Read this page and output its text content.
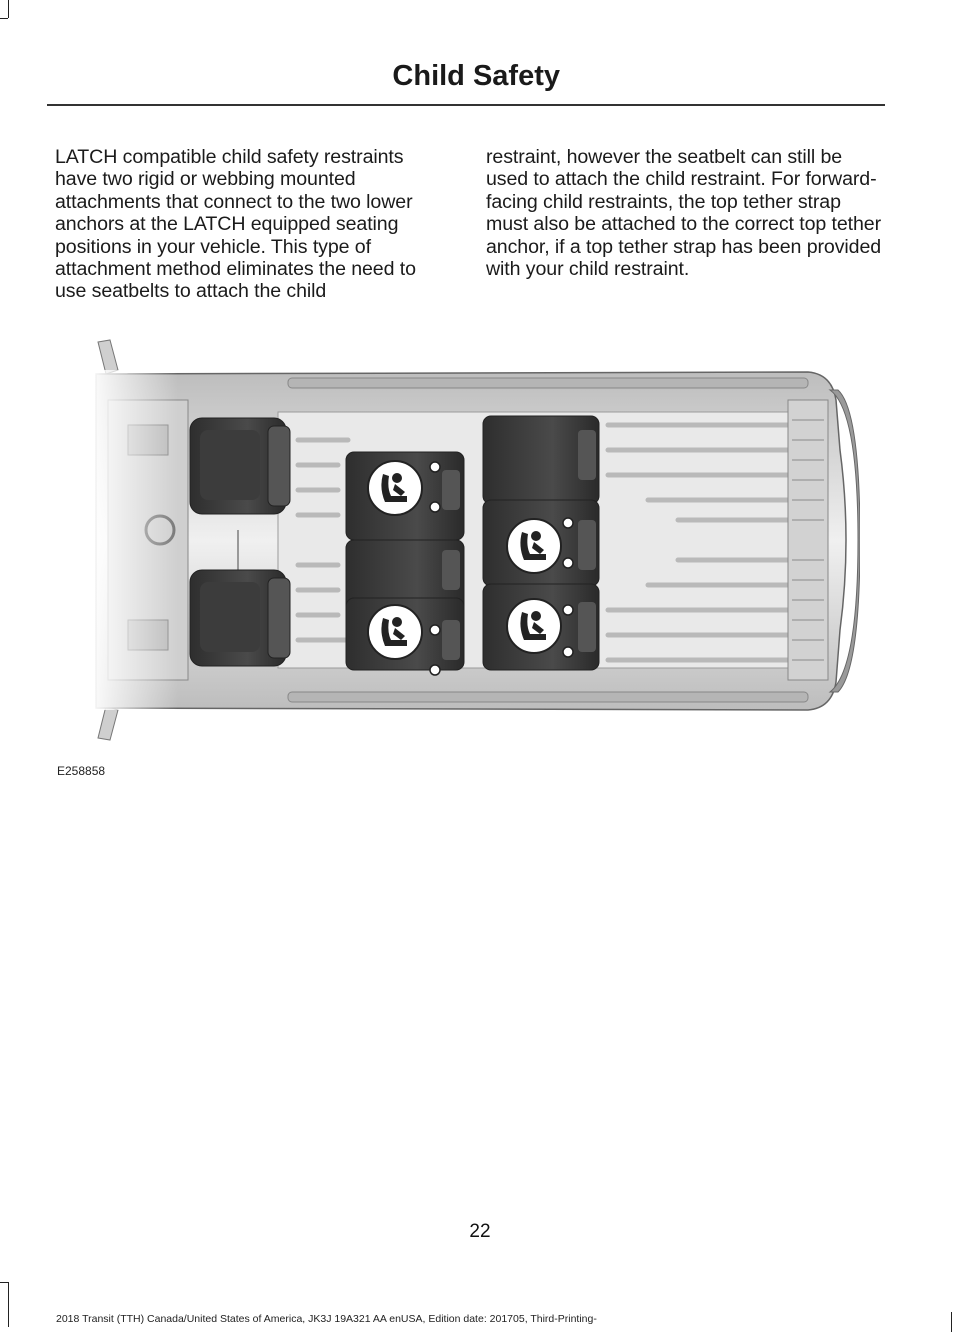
Child Safety

LATCH compatible child safety restraints have two rigid or webbing mounted attachments that connect to the two lower anchors at the LATCH equipped seating positions in your vehicle. This type of attachment method eliminates the need to use seatbelts to attach the child

restraint, however the seatbelt can still be used to attach the child restraint. For forward-facing child restraints, the top tether strap must also be attached to the correct top tether anchor, if a top tether strap has been provided with your child restraint.

E258858
22
2018 Transit (TTH) Canada/United States of America, JK3J 19A321 AA enUSA, Edition date: 201705, Third-Printing-
